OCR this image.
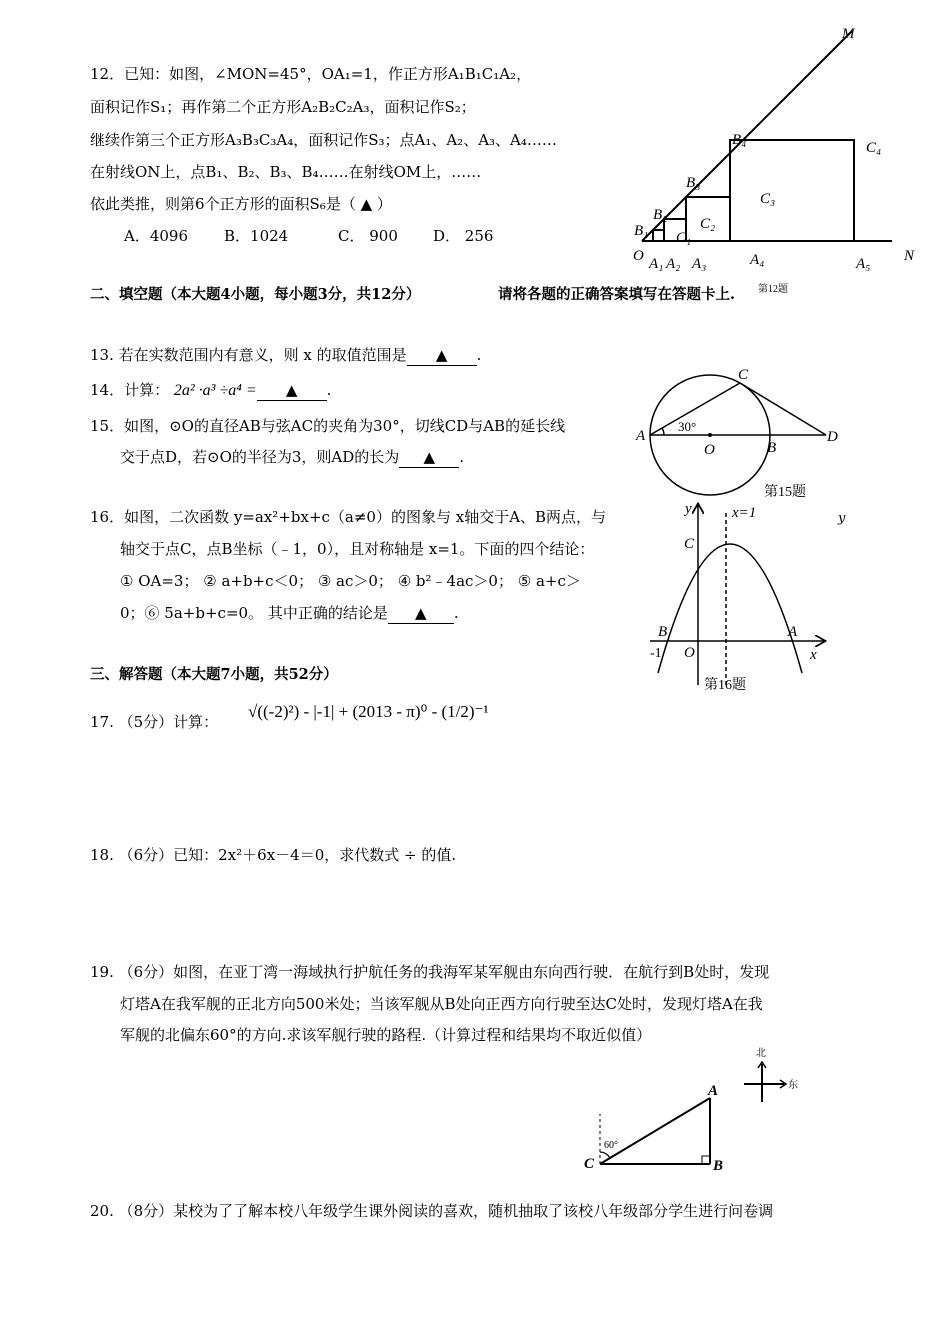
12．已知：如图，∠MON=45°，OA₁=1，作正方形A₁B₁C₁A₂，
面积记作S₁；再作第二个正方形A₂B₂C₂A₃，面积记作S₂；
继续作第三个正方形A₃B₃C₃A₄，面积记作S₃；点A₁、A₂、A₃、A₄……
在射线ON上，点B₁、B₂、B₃、B₄……在射线OM上，……
依此类推，则第6个正方形的面积S₆是（ ▲ ）
A．4096 B．1024	C． 900 D． 256
M
N
O A₁ A₂ A₃	A₄	A₅
B₁
B₂
B₃
B₄
C₁
C₂
C₃
C₄
第12题
二、填空题（本大题4小题，每小题3分，共12分）	请将各题的正确答案填写在答题卡上.
13. 若在实数范围内有意义，则 x 的取值范围是 ▲ .
14．计算： 2a² ·a³ ÷a⁴ = ▲ .
15．如图，⊙O的直径AB与弦AC的夹角为30°，切线CD与AB的延长线
交于点D，若⊙O的半径为3，则AD的长为 ▲ .
A
C
B
D
O
30°
第15题
16．如图，二次函数 y=ax²+bx+c（a≠0）的图象与 x轴交于A、B两点，与
轴交于点C，点B坐标（﹣1，0），且对称轴是 x=1。下面的四个结论：
① OA=3； ② a+b+c＜0； ③ ac＞0； ④ b²﹣4ac＞0； ⑤ a+c＞
0；⑥ 5a+b+c=0。 其中正确的结论是 ▲ .
y
y
x
x=1
C
B	A
O
-1
第16题
三、解答题（本大题7小题，共52分）
17. （5分）计算：
√((-2)²) - |-1| + (2013 - π)⁰ - (1/2)⁻¹
18. （6分）已知：2x²＋6x－4＝0，求代数式 ÷ 的值.
19. （6分）如图，在亚丁湾一海域执行护航任务的我海军某军舰由东向西行驶．在航行到B处时，发现
灯塔A在我军舰的正北方向500米处；当该军舰从B处向正西方向行驶至达C处时，发现灯塔A在我
军舰的北偏东60°的方向.求该军舰行驶的路程.（计算过程和结果均不取近似值）
60°
C
A
B
北
东
20. （8分）某校为了了解本校八年级学生课外阅读的喜欢，随机抽取了该校八年级部分学生进行问卷调
